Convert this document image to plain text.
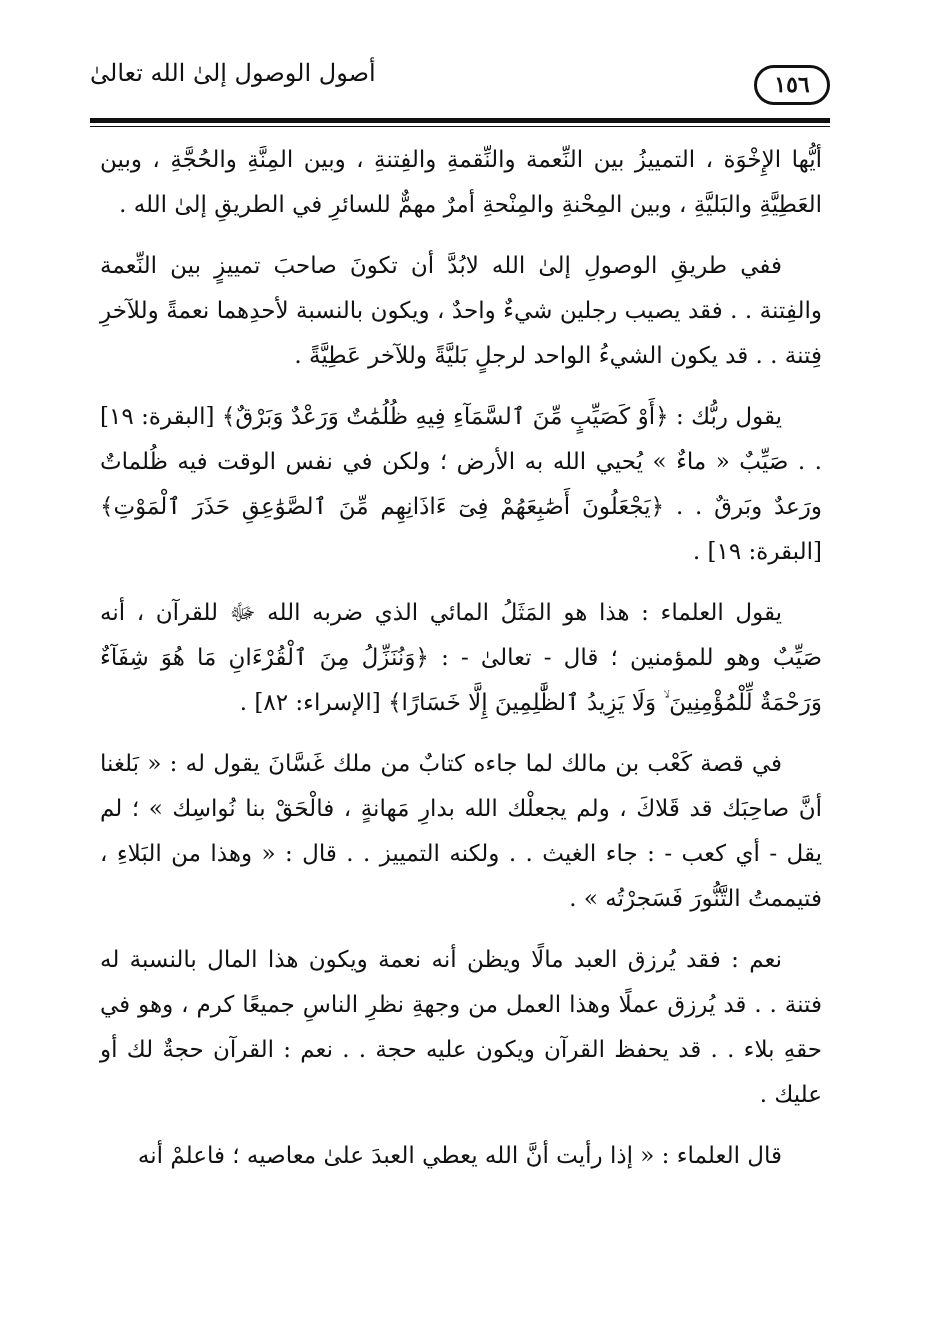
أصول الوصول إلىٰ الله تعالىٰ	١٥٦

أيُّها الإِخْوَة ، التمييزُ بين النِّعمة والنِّقمةِ والفِتنةِ ، وبين المِنَّةِ والحُجَّةِ ، وبين العَطِيَّةِ والبَليَّةِ ، وبين المِحْنةِ والمِنْحةِ أمرٌ مهمٌّ للسائرِ في الطريقِ إلىٰ الله .

ففي طريقِ الوصولِ إلىٰ الله لابُدَّ أن تكونَ صاحبَ تمييزٍ بين النِّعمة والفِتنة . . فقد يصيب رجلين شيءٌ واحدٌ ، ويكون بالنسبة لأحدِهما نعمةً وللآخرِ فِتنة . . قد يكون الشيءُ الواحد لرجلٍ بَليَّةً وللآخر عَطِيَّةً .

يقول ربُّك : ﴿أَوْ كَصَيِّبٍ مِّنَ ٱلسَّمَآءِ فِيهِ ظُلُمَٰتٌ وَرَعْدٌ وَبَرْقٌ﴾ [البقرة: ١٩] . . صَيِّبٌ « ماءٌ » يُحيي الله به الأرض ؛ ولكن في نفس الوقت فيه ظُلماتٌ ورَعدٌ وبَرقٌ . . ﴿يَجْعَلُونَ أَصَٰبِعَهُمْ فِىٓ ءَاذَانِهِم مِّنَ ٱلصَّوَٰعِقِ حَذَرَ ٱلْمَوْتِ﴾ [البقرة: ١٩] .

يقول العلماء : هذا هو المَثَلُ المائي الذي ضربه الله ﷻ للقرآن ، أنه صَيِّبٌ وهو للمؤمنين ؛ قال - تعالىٰ - : ﴿وَنُنَزِّلُ مِنَ ٱلْقُرْءَانِ مَا هُوَ شِفَآءٌ وَرَحْمَةٌ لِّلْمُؤْمِنِينَ ۙ وَلَا يَزِيدُ ٱلظَّٰلِمِينَ إِلَّا خَسَارًا﴾ [الإسراء: ٨٢] .

في قصة كَعْب بن مالك لما جاءه كتابٌ من ملك غَسَّانَ يقول له : « بَلغنا أنَّ صاحِبَك قد قَلاكَ ، ولم يجعلْك الله بدارِ مَهانةٍ ، فالْحَقْ بنا نُواسِك » ؛ لم يقل - أي كعب - : جاء الغيث . . ولكنه التمييز . . قال : « وهذا من البَلاءِ ، فتيممتُ التَّنُّورَ فَسَجرْتُه » .

نعم : فقد يُرزق العبد مالًا ويظن أنه نعمة ويكون هذا المال بالنسبة له فتنة . . قد يُرزق عملًا وهذا العمل من وجهةِ نظرِ الناسِ جميعًا كرم ، وهو في حقهِ بلاء . . قد يحفظ القرآن ويكون عليه حجة . . نعم : القرآن حجةٌ لك أو عليك .

قال العلماء : « إذا رأيت أنَّ الله يعطي العبدَ علىٰ معاصيه ؛ فاعلمْ أنه
